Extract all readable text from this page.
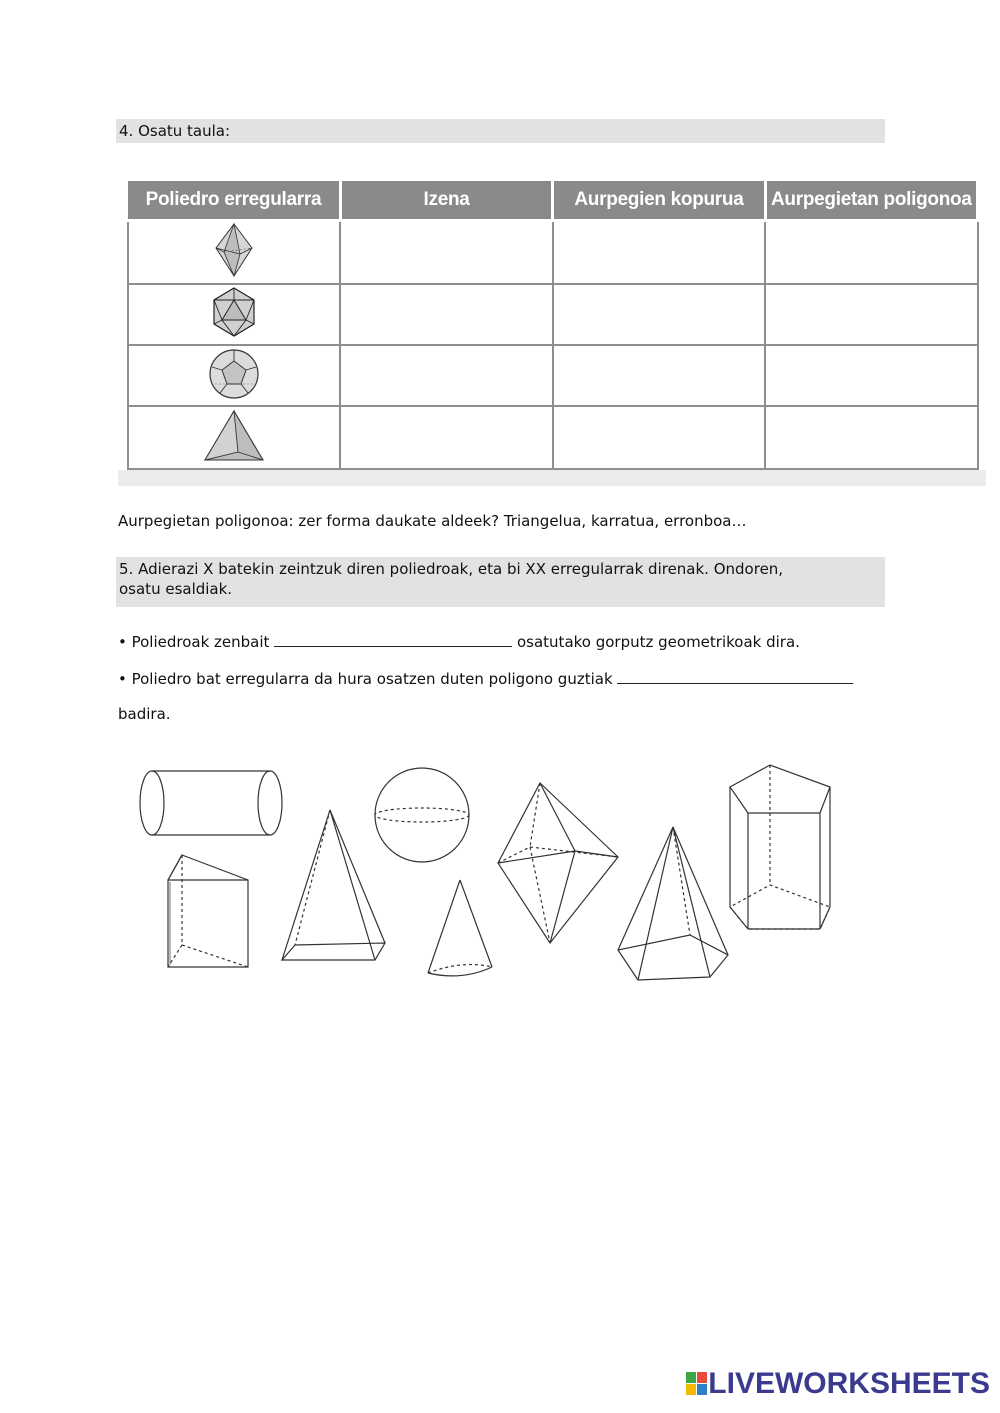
4. Osatu taula:
Poliedro erregularra	Izena	Aurpegien kopurua	Aurpegietan poligonoa

Aurpegietan poligonoa: zer forma daukate aldeek? Triangelua, karratua, erronboa…
5. Adierazi X batekin zeintzuk diren poliedroak, eta bi XX erregularrak direnak. Ondoren,
osatu esaldiak.
• Poliedroak zenbait	osatutako gorputz geometrikoak dira.
• Poliedro bat erregularra da hura osatzen duten poligono guztiak
badira.
LIVEWORKSHEETS
